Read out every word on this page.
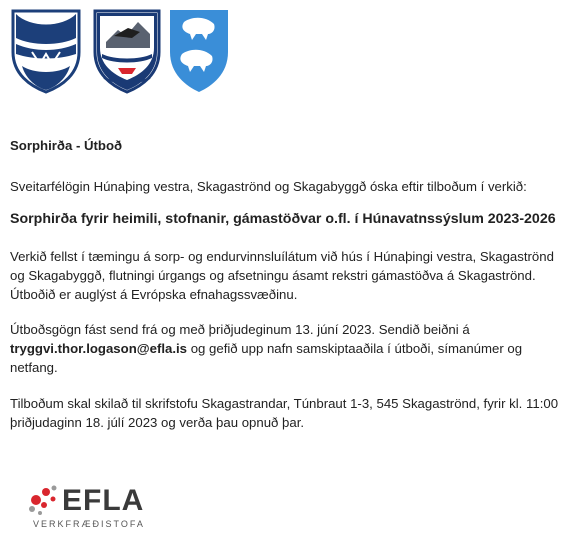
Sorphirða - Útboð

Sveitarfélögin Húnaþing vestra, Skagaströnd og Skagabyggð óska eftir tilboðum í verkið:

Sorphirða fyrir heimili, stofnanir, gámastöðvar o.fl. í Húnavatnssýslum 2023-2026

Verkið fellst í tæmingu á sorp- og endurvinnsluílátum við hús í Húnaþingi vestra, Skagaströnd og Skagabyggð, flutningi úrgangs og afsetningu ásamt rekstri gámastöðva á Skagaströnd. Útboðið er auglýst á Evrópska efnahagssvæðinu.

Útboðsgögn fást send frá og með þriðjudeginum 13. júní 2023. Sendið beiðni á tryggvi.thor.logason@efla.is og gefið upp nafn samskiptaaðila í útboði, símanúmer og netfang.

Tilboðum skal skilað til skrifstofu Skagastrandar, Túnbraut 1-3, 545 Skagaströnd, fyrir kl. 11:00 þriðjudaginn 18. júlí 2023 og verða þau opnuð þar.

EFLA
VERKFRÆÐISTOFA
